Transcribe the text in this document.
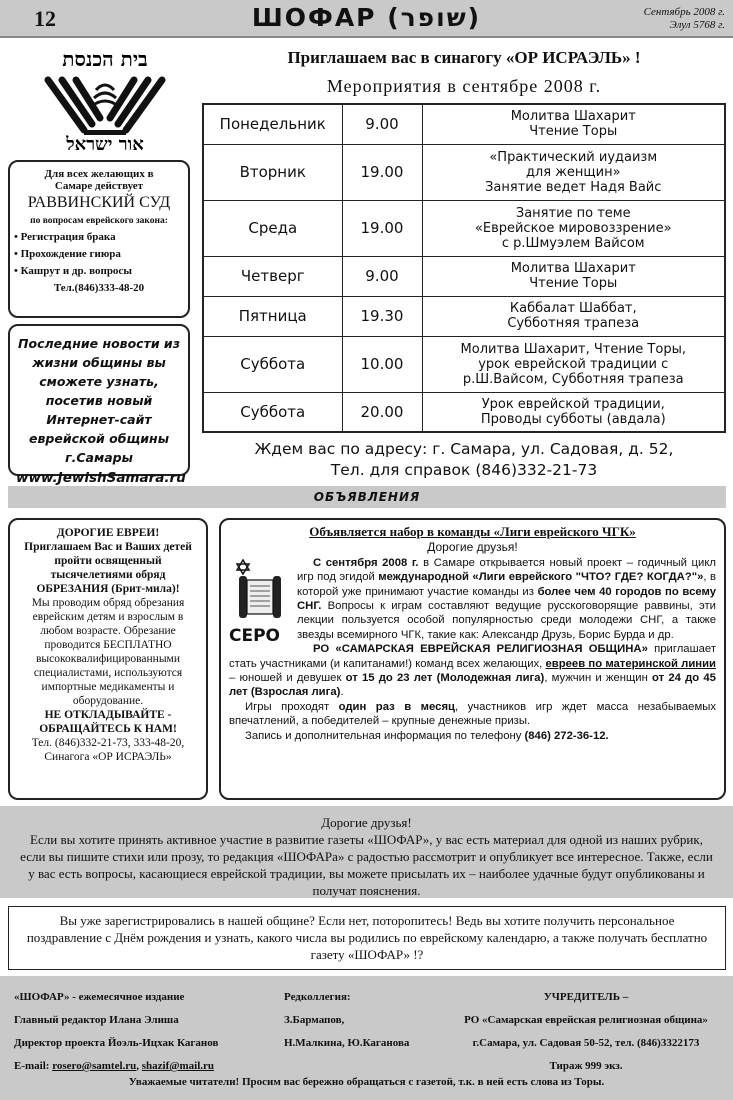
12	ШОФАР (שופר)	Сентябрь 2008 г.
Элул 5768 г.
בית הכנסת
אור ישראל
Для всех желающих в
Самаре действует
РАВВИНСКИЙ СУД
по вопросам еврейского закона:
• Регистрация брака
• Прохождение гиюра
• Кашрут и др. вопросы
Тел.(846)333-48-20
Последние новости из жизни общины вы сможете узнать, посетив новый Интернет-сайт еврейской общины г.Самары
www.JewishSamara.ru
Приглашаем вас в синагогу «ОР ИСРАЭЛЬ» !
Мероприятия в сентябре 2008 г.
Понедельник	9.00	Молитва Шахарит
Чтение Торы

Вторник	19.00	«Практический иудаизм
для женщин»
Занятие ведет Надя Вайс

Среда	19.00	Занятие по теме
«Еврейское мировоззрение»
с р.Шмуэлем Вайсом

Четверг	9.00	Молитва Шахарит
Чтение Торы

Пятница	19.30	Каббалат Шаббат,
Субботняя трапеза

Суббота	10.00	Молитва Шахарит, Чтение Торы,
урок еврейской традиции с
р.Ш.Вайсом, Субботняя трапеза

Суббота	20.00	Урок еврейской традиции,
Проводы субботы (авдала)
Ждем вас по адресу: г. Самара, ул. Садовая, д. 52,
Тел. для справок (846)332-21-73
ОБЪЯВЛЕНИЯ
ДОРОГИЕ ЕВРЕИ!
Приглашаем Вас и Ваших детей пройти освященный тысячелетиями обряд ОБРЕЗАНИЯ (Брит-мила)!
Мы проводим обряд обрезания еврейским детям и взрослым в любом возрасте. Обрезание проводится БЕСПЛАТНО высококвалифицированными специалистами, используются импортные медикаменты и оборудование.

НЕ ОТКЛАДЫВАЙТЕ - ОБРАЩАЙТЕСЬ К НАМ!
Тел. (846)332-21-73, 333-48-20,
Синагога «ОР ИСРАЭЛЬ»
Объявляется набор в команды «Лиги еврейского ЧГК»
Дорогие друзья!
CEPO

С сентября 2008 г. в Самаре открывается новый проект – годичный цикл игр под эгидой международной «Лиги еврейского "ЧТО? ГДЕ? КОГДА?"», в которой уже принимают участие команды из более чем 40 городов по всему СНГ. Вопросы к играм составляют ведущие русскоговорящие раввины, эти лекции пользуется особой популярностью среди молодежи СНГ, а также звезды всемирного ЧГК, такие как: Александр Друзь, Борис Бурда и др.

РО «САМАРСКАЯ ЕВРЕЙСКАЯ РЕЛИГИОЗНАЯ ОБЩИНА» приглашает стать участниками (и капитанами!) команд всех желающих, евреев по материнской линии – юношей и девушек от 15 до 23 лет (Молодежная лига), мужчин и женщин от 24 до 45 лет (Взрослая лига).

Игры проходят один раз в месяц, участников игр ждет масса незабываемых впечатлений, а победителей – крупные денежные призы.

Запись и дополнительная информация по телефону (846) 272-36-12.

Дорогие друзья!
Если вы хотите принять активное участие в развитие газеты «ШОФАР», у вас есть материал для одной из наших рубрик, если вы пишите стихи или прозу, то редакция «ШОФАРа» с радостью рассмотрит и опубликует все интересное. Также, если у вас есть вопросы, касающиеся еврейской традиции, вы можете присылать их – наиболее удачные будут опубликованы и получат пояснения.
Вы уже зарегистрировались в нашей общине? Если нет, поторопитесь! Ведь вы хотите получить персональное поздравление с Днём рождения и узнать, какого числа вы родились по еврейскому календарю, а также получать бесплатно газету «ШОФАР» !?
«ШОФАР» - ежемесячное издание
Главный редактор Илана Элиша
Директор проекта Йоэль-Ицхак Каганов
E-mail: rosero@samtel.ru, shazif@mail.ru
Редколлегия:
З.Бармапов,
Н.Малкина, Ю.Каганова
УЧРЕДИТЕЛЬ –
РО «Самарская еврейская религиозная община»
г.Самара, ул. Садовая 50-52, тел. (846)3322173
Тираж 999 экз.
Уважаемые читатели! Просим вас бережно обращаться с газетой, т.к. в ней есть слова из Торы.
